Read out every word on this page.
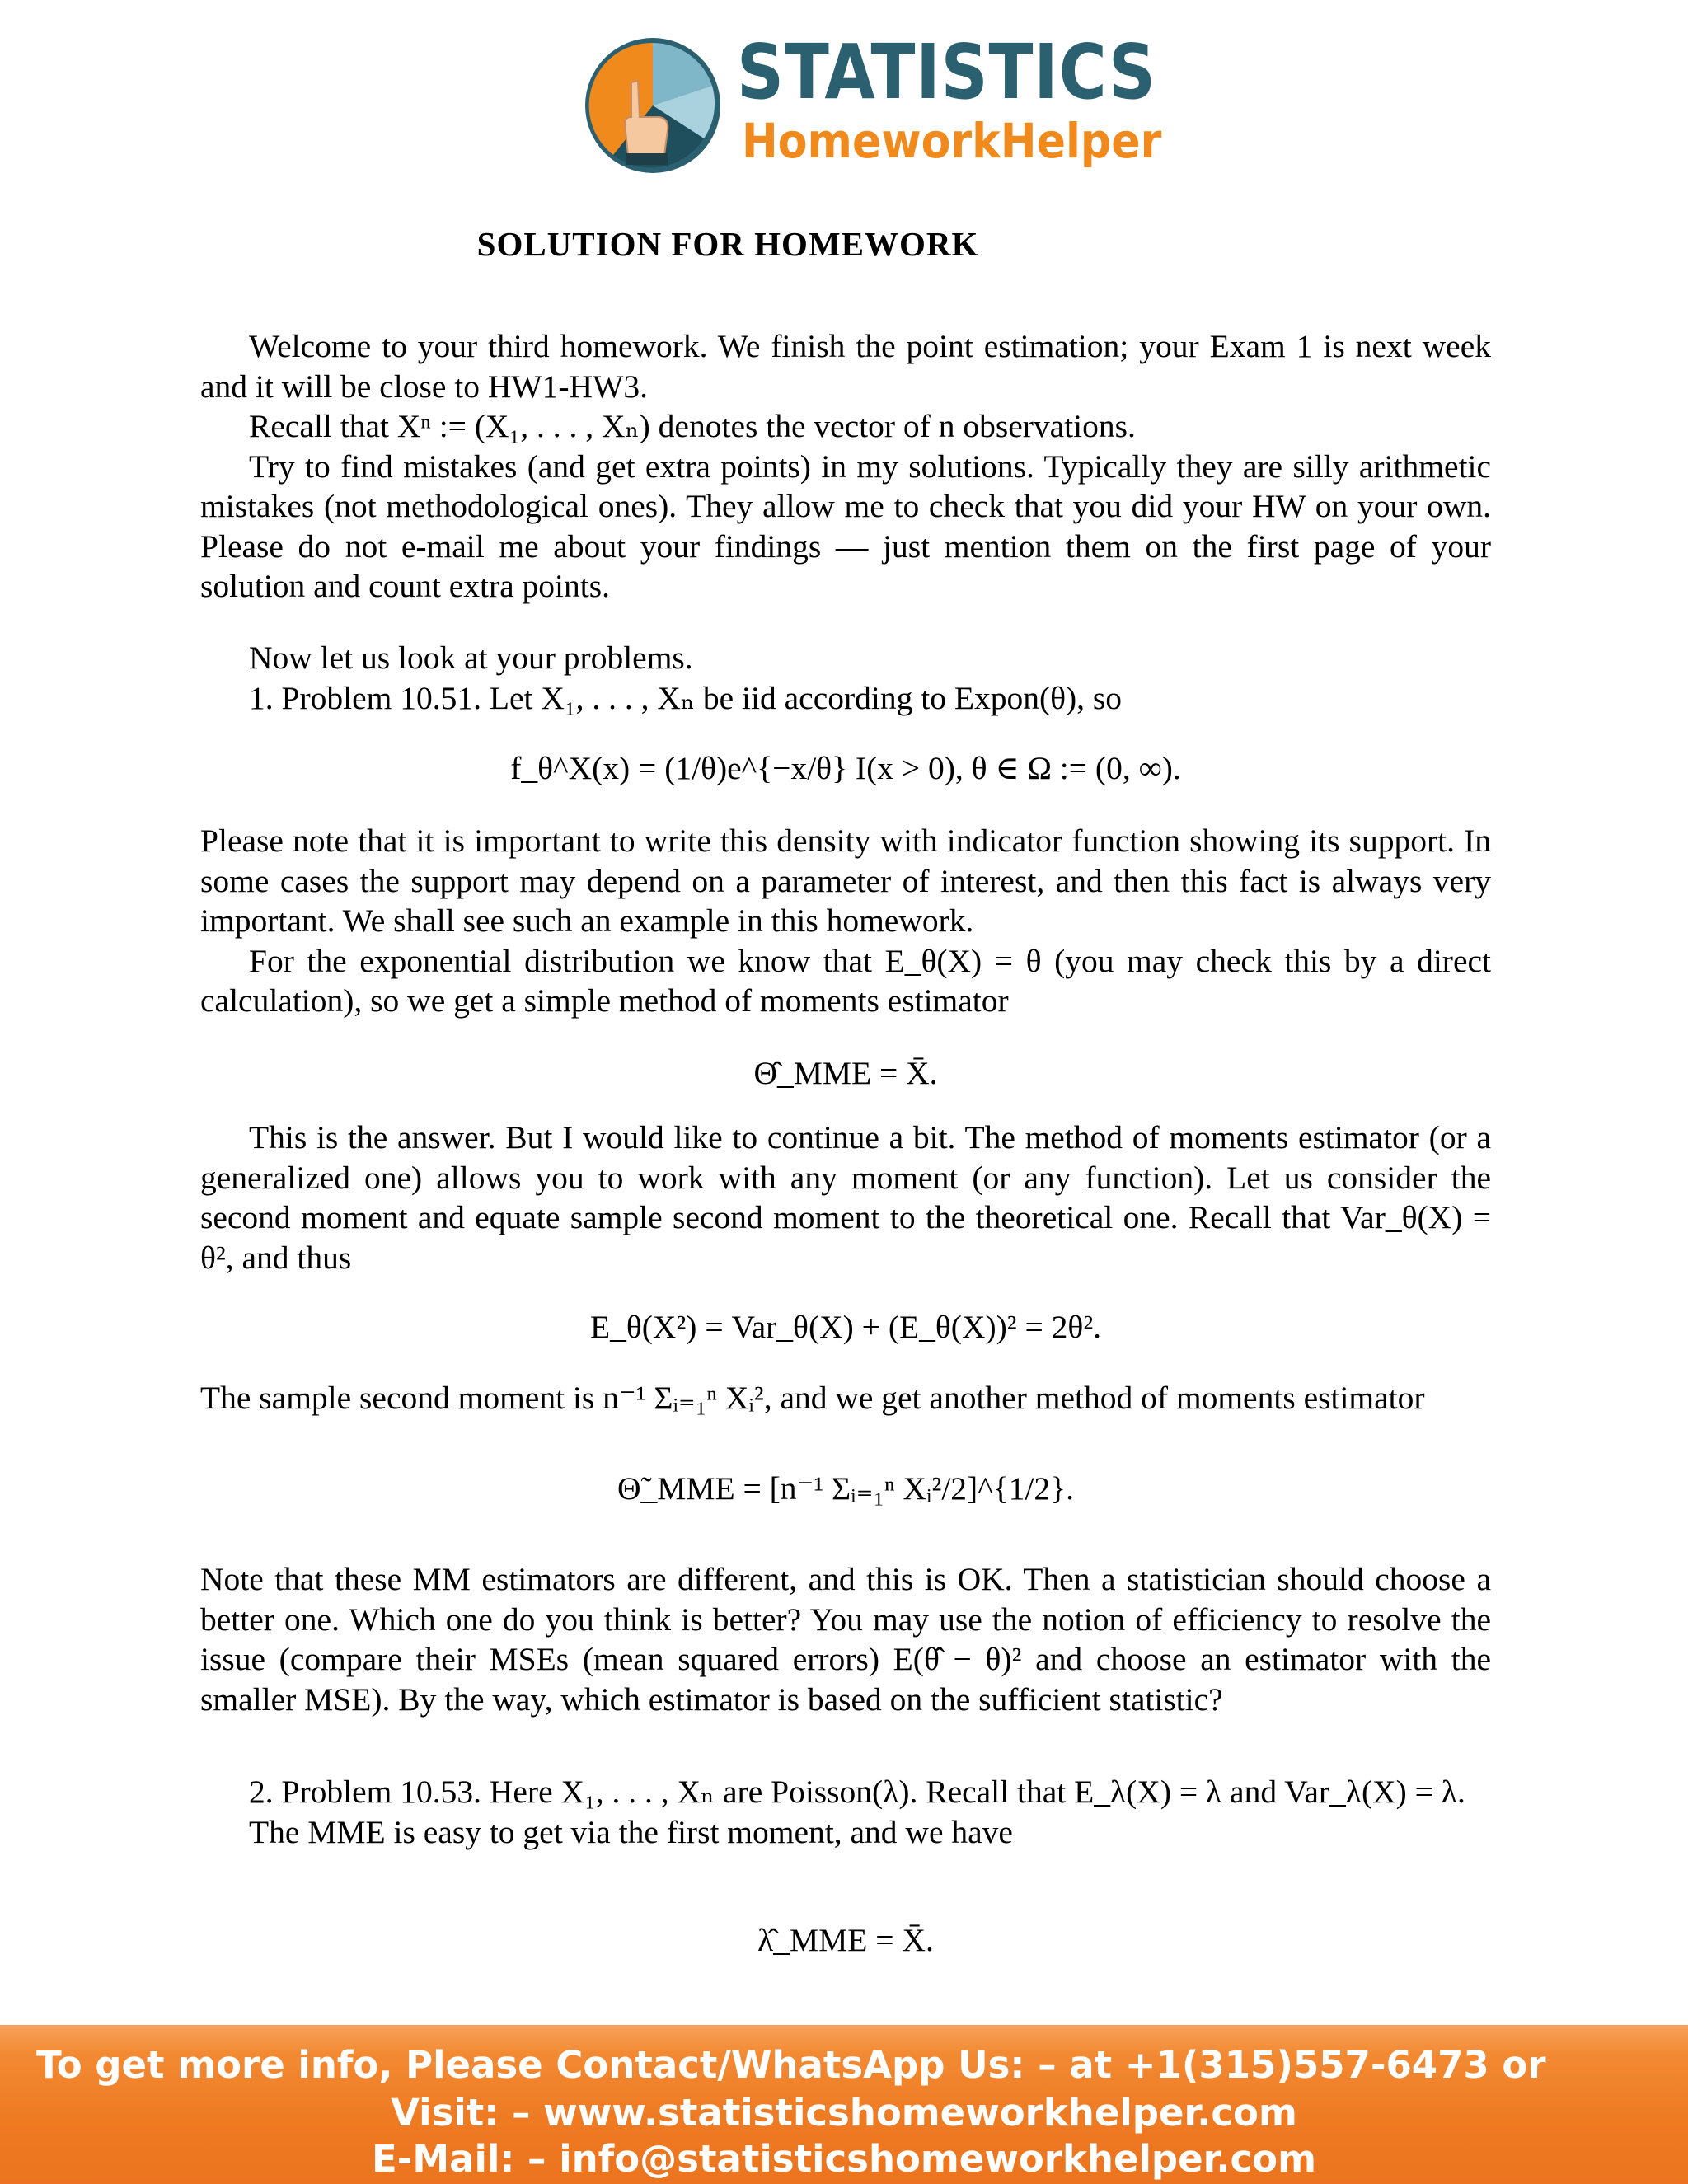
STATISTICS
HomeworkHelper
SOLUTION FOR HOMEWORK

Welcome to your third homework. We finish the point estimation; your Exam 1 is next week and it will be close to HW1-HW3.

Recall that Xⁿ := (X₁, . . . , Xₙ) denotes the vector of n observations.

Try to find mistakes (and get extra points) in my solutions. Typically they are silly arithmetic mistakes (not methodological ones). They allow me to check that you did your HW on your own. Please do not e-mail me about your findings — just mention them on the first page of your solution and count extra points.

Now let us look at your problems.

1. Problem 10.51. Let X₁, . . . , Xₙ be iid according to Expon(θ), so

f_θ^X(x) = (1/θ)e^{−x/θ} I(x > 0), θ ∈ Ω := (0, ∞).

Please note that it is important to write this density with indicator function showing its support. In some cases the support may depend on a parameter of interest, and then this fact is always very important. We shall see such an example in this homework.

For the exponential distribution we know that E_θ(X) = θ (you may check this by a direct calculation), so we get a simple method of moments estimator

Θ̂_MME = X̄.

This is the answer. But I would like to continue a bit. The method of moments estimator (or a generalized one) allows you to work with any moment (or any function). Let us consider the second moment and equate sample second moment to the theoretical one. Recall that Var_θ(X) = θ², and thus

E_θ(X²) = Var_θ(X) + (E_θ(X))² = 2θ².

The sample second moment is n⁻¹ Σᵢ₌₁ⁿ Xᵢ², and we get another method of moments estimator

Θ̃_MME = [n⁻¹ Σᵢ₌₁ⁿ Xᵢ²/2]^{1/2}.

Note that these MM estimators are different, and this is OK. Then a statistician should choose a better one. Which one do you think is better? You may use the notion of efficiency to resolve the issue (compare their MSEs (mean squared errors) E(θ̂ − θ)² and choose an estimator with the smaller MSE). By the way, which estimator is based on the sufficient statistic?

2. Problem 10.53. Here X₁, . . . , Xₙ are Poisson(λ). Recall that E_λ(X) = λ and Var_λ(X) = λ.

The MME is easy to get via the first moment, and we have

λ̂_MME = X̄.

To get more info, Please Contact/WhatsApp Us: – at +1(315)557-6473 or
Visit: – www.statisticshomeworkhelper.com
E-Mail: – info@statisticshomeworkhelper.com
